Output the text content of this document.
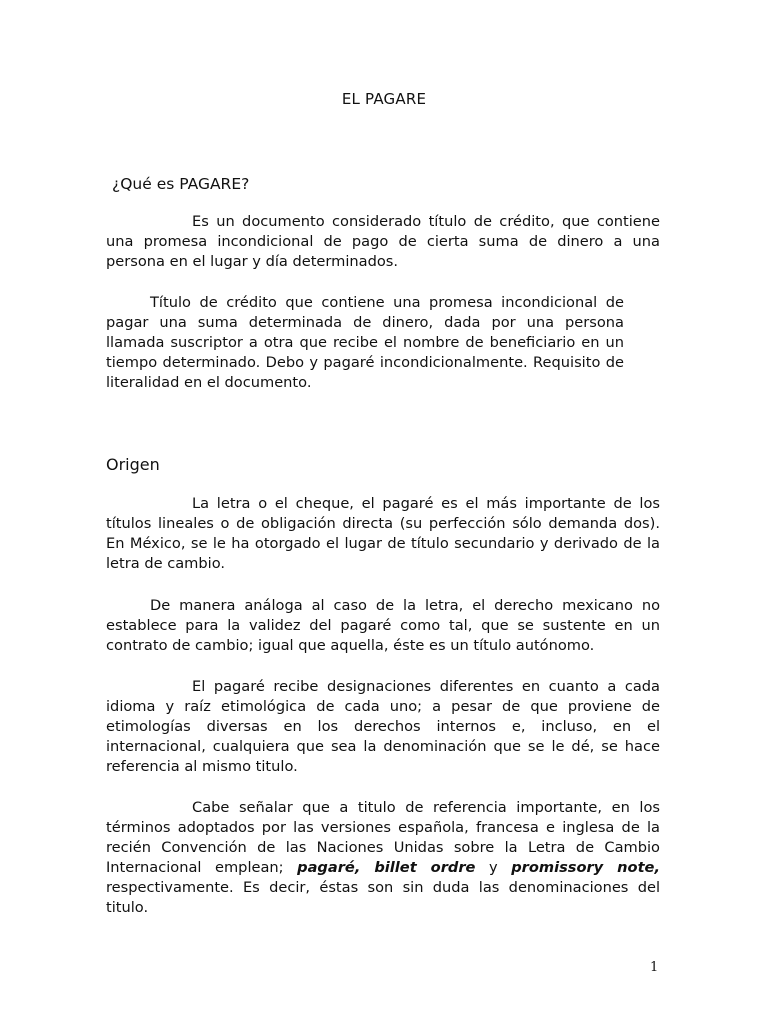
EL PAGARE
¿Qué es PAGARE?

Es un documento considerado título de crédito, que contiene una promesa incondicional de pago de cierta suma de dinero a una persona en el lugar y día determinados.

Título de crédito que contiene una promesa incondicional de pagar una suma determinada de dinero, dada por una persona llamada suscriptor a otra que recibe el nombre de beneficiario en un tiempo determinado. Debo y pagaré incondicionalmente. Requisito de literalidad en el documento.

Origen

La letra o el cheque, el pagaré es el más importante de los títulos lineales o de obligación directa (su perfección sólo demanda dos). En México, se le ha otorgado el lugar de título secundario y derivado de la letra de cambio.

De manera análoga al caso de la letra, el derecho mexicano no establece para la validez del pagaré como tal, que se sustente en un contrato de cambio; igual que aquella, éste es un título autónomo.

El pagaré recibe designaciones diferentes en cuanto a cada idioma y raíz etimológica de cada uno; a pesar de que proviene de etimologías diversas en los derechos internos e, incluso, en el internacional, cualquiera que sea la denominación que se le dé, se hace referencia al mismo titulo.

Cabe señalar que a titulo de referencia importante, en los términos adoptados por las versiones española, francesa e inglesa de la recién Convención de las Naciones Unidas sobre la Letra de Cambio Internacional emplean; pagaré, billet ordre y promissory note, respectivamente. Es decir, éstas son sin duda las denominaciones del titulo.

1
